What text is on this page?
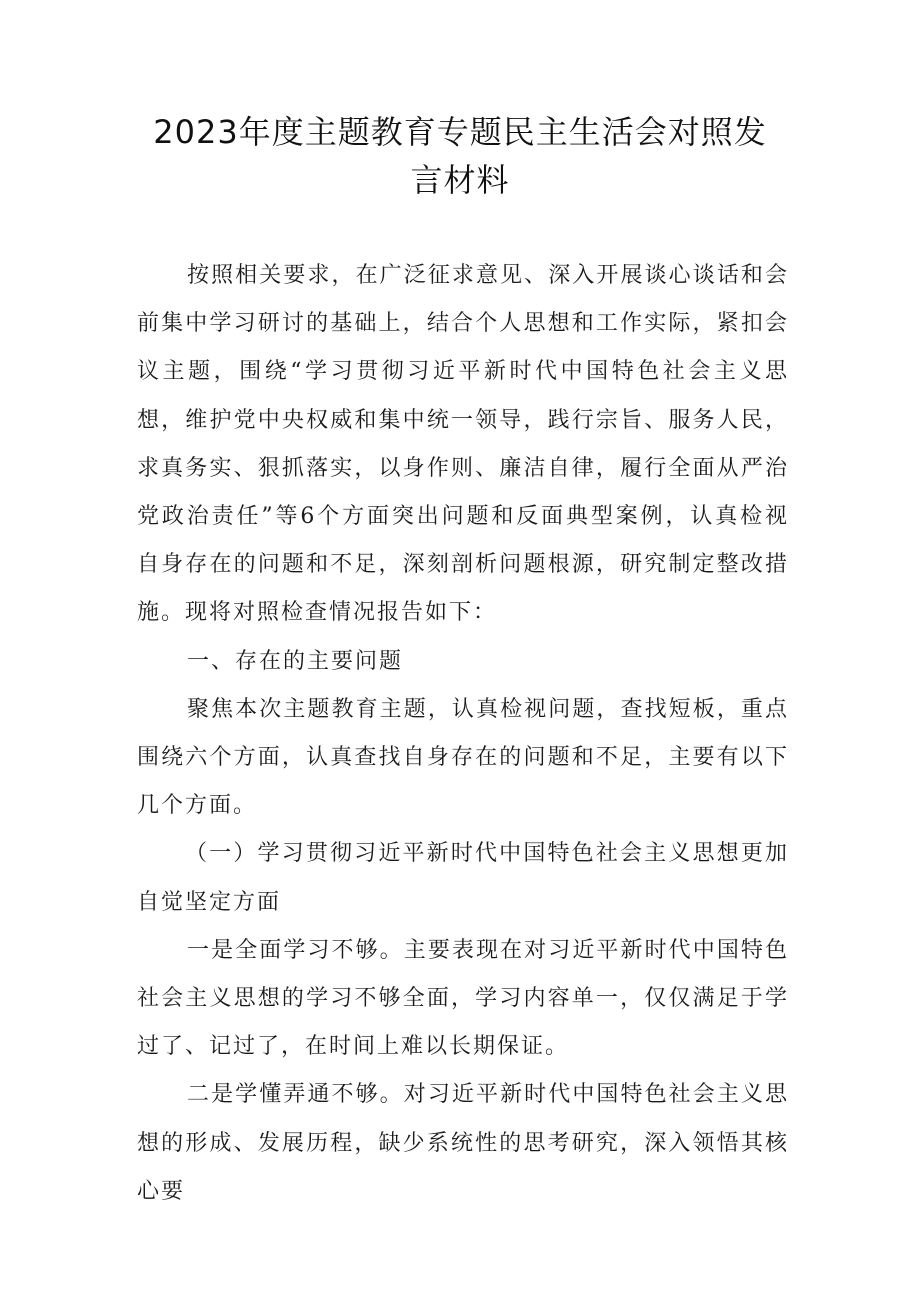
2023年度主题教育专题民主生活会对照发
言材料

按照相关要求，在广泛征求意见、深入开展谈心谈话和会前集中学习研讨的基础上，结合个人思想和工作实际，紧扣会议主题，围绕“学习贯彻习近平新时代中国特色社会主义思想，维护党中央权威和集中统一领导，践行宗旨、服务人民，求真务实、狠抓落实，以身作则、廉洁自律，履行全面从严治党政治责任”等6个方面突出问题和反面典型案例，认真检视自身存在的问题和不足，深刻剖析问题根源，研究制定整改措施。现将对照检查情况报告如下：

一、存在的主要问题

聚焦本次主题教育主题，认真检视问题，查找短板，重点围绕六个方面，认真查找自身存在的问题和不足，主要有以下几个方面。

（一）学习贯彻习近平新时代中国特色社会主义思想更加自觉坚定方面

一是全面学习不够。主要表现在对习近平新时代中国特色社会主义思想的学习不够全面，学习内容单一，仅仅满足于学过了、记过了，在时间上难以长期保证。

二是学懂弄通不够。对习近平新时代中国特色社会主义思想的形成、发展历程，缺少系统性的思考研究，深入领悟其核心要
